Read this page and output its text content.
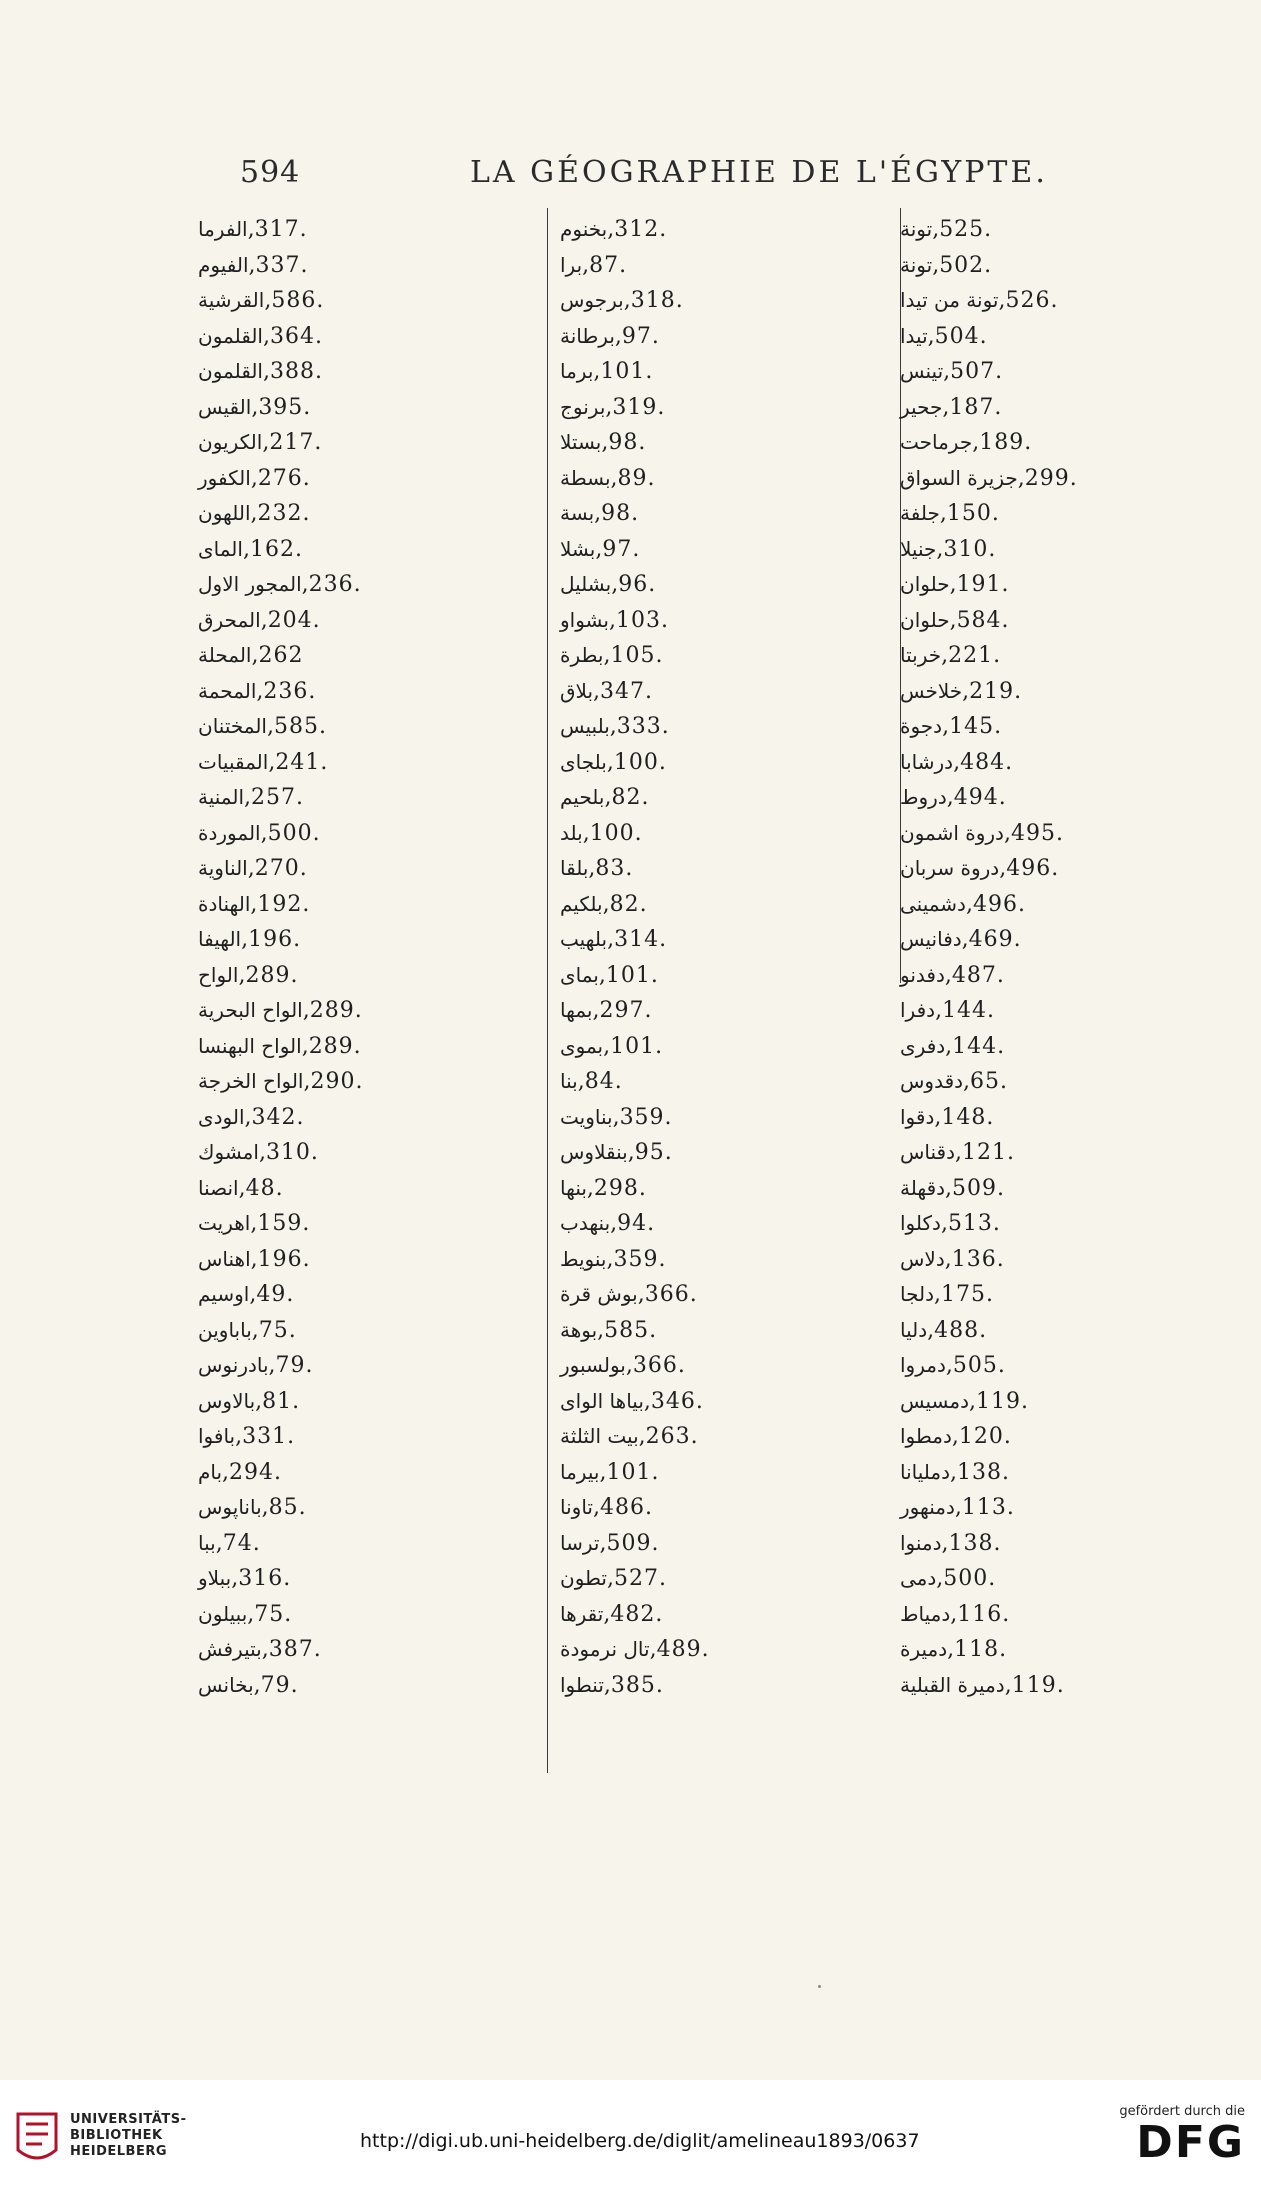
594	LA GÉOGRAPHIE DE L'ÉGYPTE.
الفرما , 317.
الفيوم , 337.
القرشية , 586.
القلمون , 364.
القلمون , 388.
القيس , 395.
الكريون , 217.
الكفور , 276.
اللهون , 232.
الماى , 162.
المجور الاول , 236.
المحرق , 204.
المحلة , 262
المحمة , 236.
المختنان , 585.
المقبيات , 241.
المنية , 257.
الموردة , 500.
الناوية , 270.
الهنادة , 192.
الهيفا , 196.
الواح , 289.
الواح البحرية , 289.
الواح البهنسا , 289.
الواح الخرجة , 290.
الودى , 342.
امشوك , 310.
انصنا , 48.
اهريت , 159.
اهناس , 196.
اوسيم , 49.
باباوين , 75.
بادرنوس , 79.
بالاوس , 81.
بافوا , 331.
بام , 294.
باناپوس , 85.
ببا , 74.
ببلاو , 316.
ببيلون , 75.
بتيرفش , 387.
بخانس , 79.
بخنوم , 312.
برا , 87.
برجوس , 318.
برطانة , 97.
برما , 101.
برنوج , 319.
بستلا , 98.
بسطة , 89.
بسة , 98.
بشلا , 97.
بشليل , 96.
بشواو , 103.
بطرة , 105.
بلاق , 347.
بلبيس , 333.
بلجاى , 100.
بلحيم , 82.
بلد , 100.
بلقا , 83.
بلكيم , 82.
بلهيب , 314.
بماى , 101.
بمها , 297.
بموى , 101.
بنا , 84.
بناويت , 359.
بنقلاوس , 95.
بنها , 298.
بنهدب , 94.
بنويط , 359.
بوش قرة , 366.
بوهة , 585.
بولسبور , 366.
بياها الواى , 346.
بيت الثلثة , 263.
بيرما , 101.
تاونا , 486.
ترسا , 509.
تطون , 527.
تقرها , 482.
تال نرمودة , 489.
تنطوا , 385.
تونة , 525.
تونة , 502.
تونة من تيدا , 526.
تيدا , 504.
تينس , 507.
جحير , 187.
جرماحت , 189.
جزيرة السواق , 299.
جلفة , 150.
جنيلا , 310.
حلوان , 191.
حلوان , 584.
خربتا , 221.
خلاخس , 219.
دجوة , 145.
درشابا , 484.
دروط , 494.
دروة اشمون , 495.
دروة سربان , 496.
دشمينى , 496.
دفانيس , 469.
دفدنو , 487.
دفرا , 144.
دفرى , 144.
دقدوس , 65.
دقوا , 148.
دقناس , 121.
دقهلة , 509.
دكلوا , 513.
دلاس , 136.
دلجا , 175.
دليا , 488.
دمروا , 505.
دمسيس , 119.
دمطوا , 120.
دمليانا , 138.
دمنهور , 113.
دمنوا , 138.
دمى , 500.
دمياط , 116.
دميرة , 118.
دميرة القبلية , 119.
UNIVERSITÄTS-
BIBLIOTHEK
HEIDELBERG	http://digi.ub.uni-heidelberg.de/diglit/amelineau1893/0637
gefördert durch die
DFG
